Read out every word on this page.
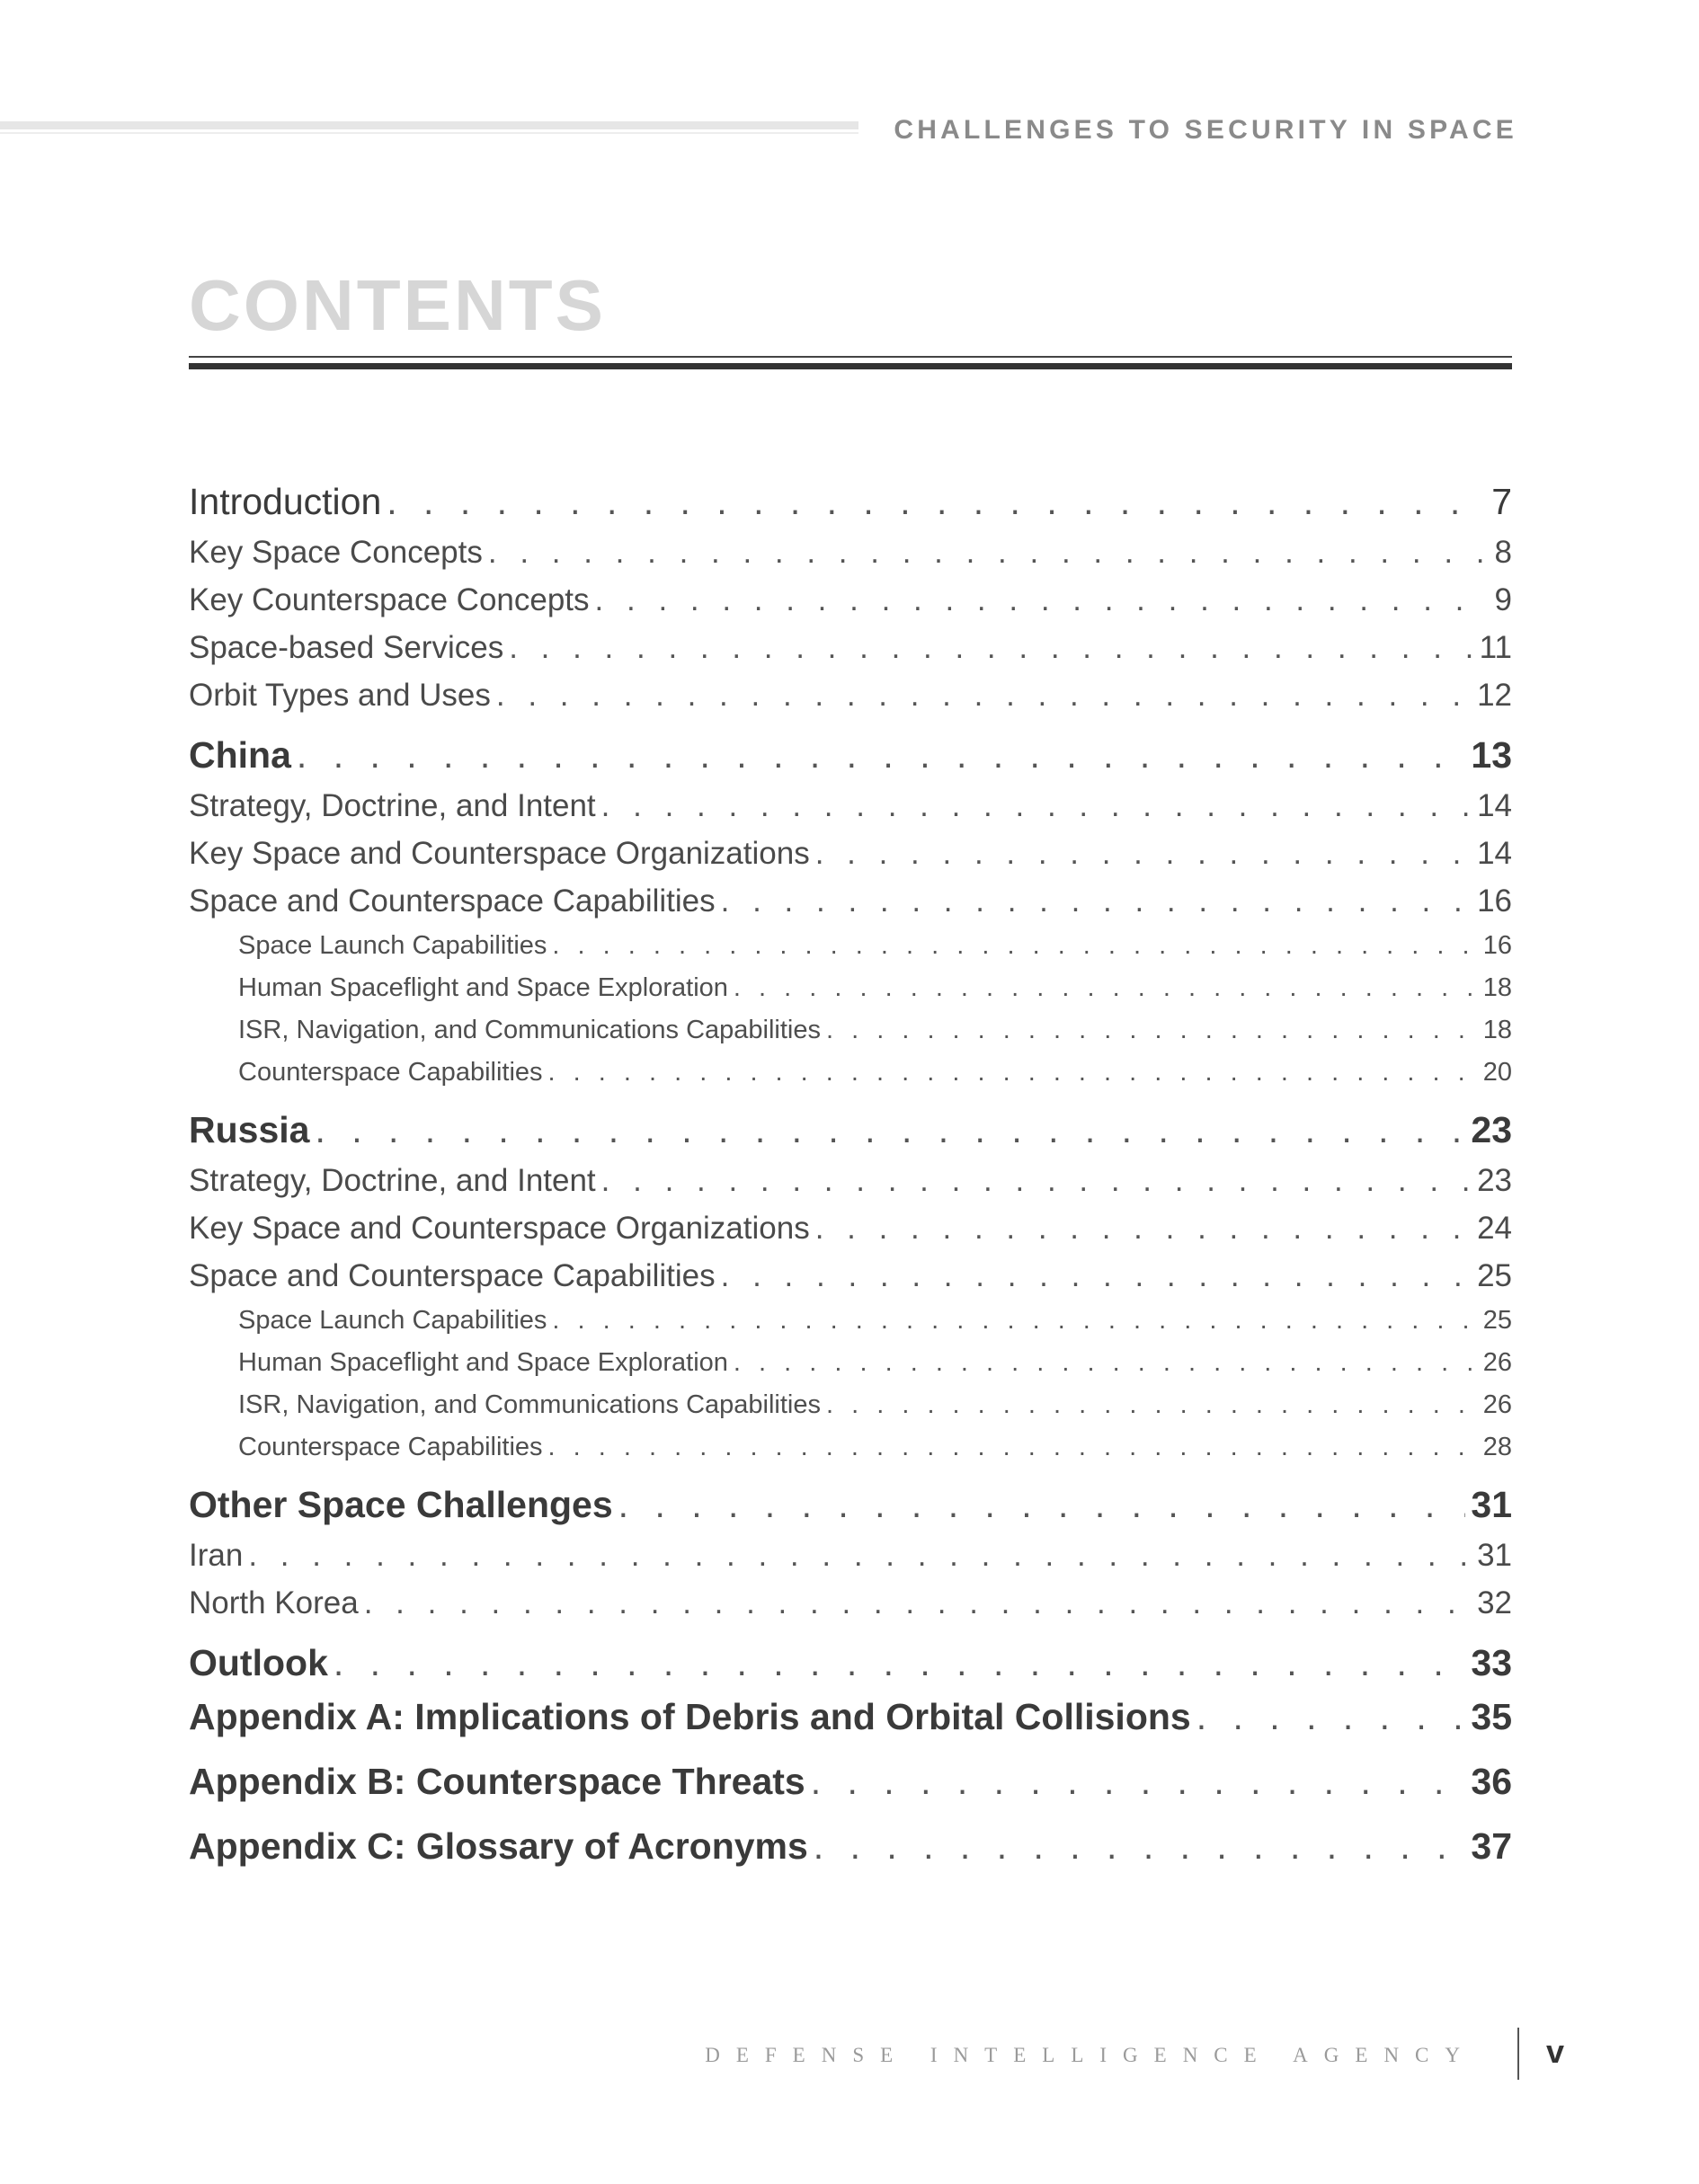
CHALLENGES TO SECURITY IN SPACE
CONTENTS
Introduction . . .	7
Key Space Concepts . . .	8
Key Counterspace Concepts . . .	9
Space-based Services . . .	11
Orbit Types and Uses . . .	12
China . . .	13
Strategy, Doctrine, and Intent . . .	14
Key Space and Counterspace Organizations . . .	14
Space and Counterspace Capabilities . . .	16
Space Launch Capabilities . . .	16
Human Spaceflight and Space Exploration . . .	18
ISR, Navigation, and Communications Capabilities . . .	18
Counterspace Capabilities . . .	20
Russia . . .	23
Strategy, Doctrine, and Intent . . .	23
Key Space and Counterspace Organizations . . .	24
Space and Counterspace Capabilities . . .	25
Space Launch Capabilities . . .	25
Human Spaceflight and Space Exploration . . .	26
ISR, Navigation, and Communications Capabilities . . .	26
Counterspace Capabilities . . .	28
Other Space Challenges . . .	31
Iran . . .	31
North Korea . . .	32
Outlook . . .	33
Appendix A: Implications of Debris and Orbital Collisions . . .	35
Appendix B: Counterspace Threats . . .	36
Appendix C: Glossary of Acronyms . . .	37
DEFENSE INTELLIGENCE AGENCY v
